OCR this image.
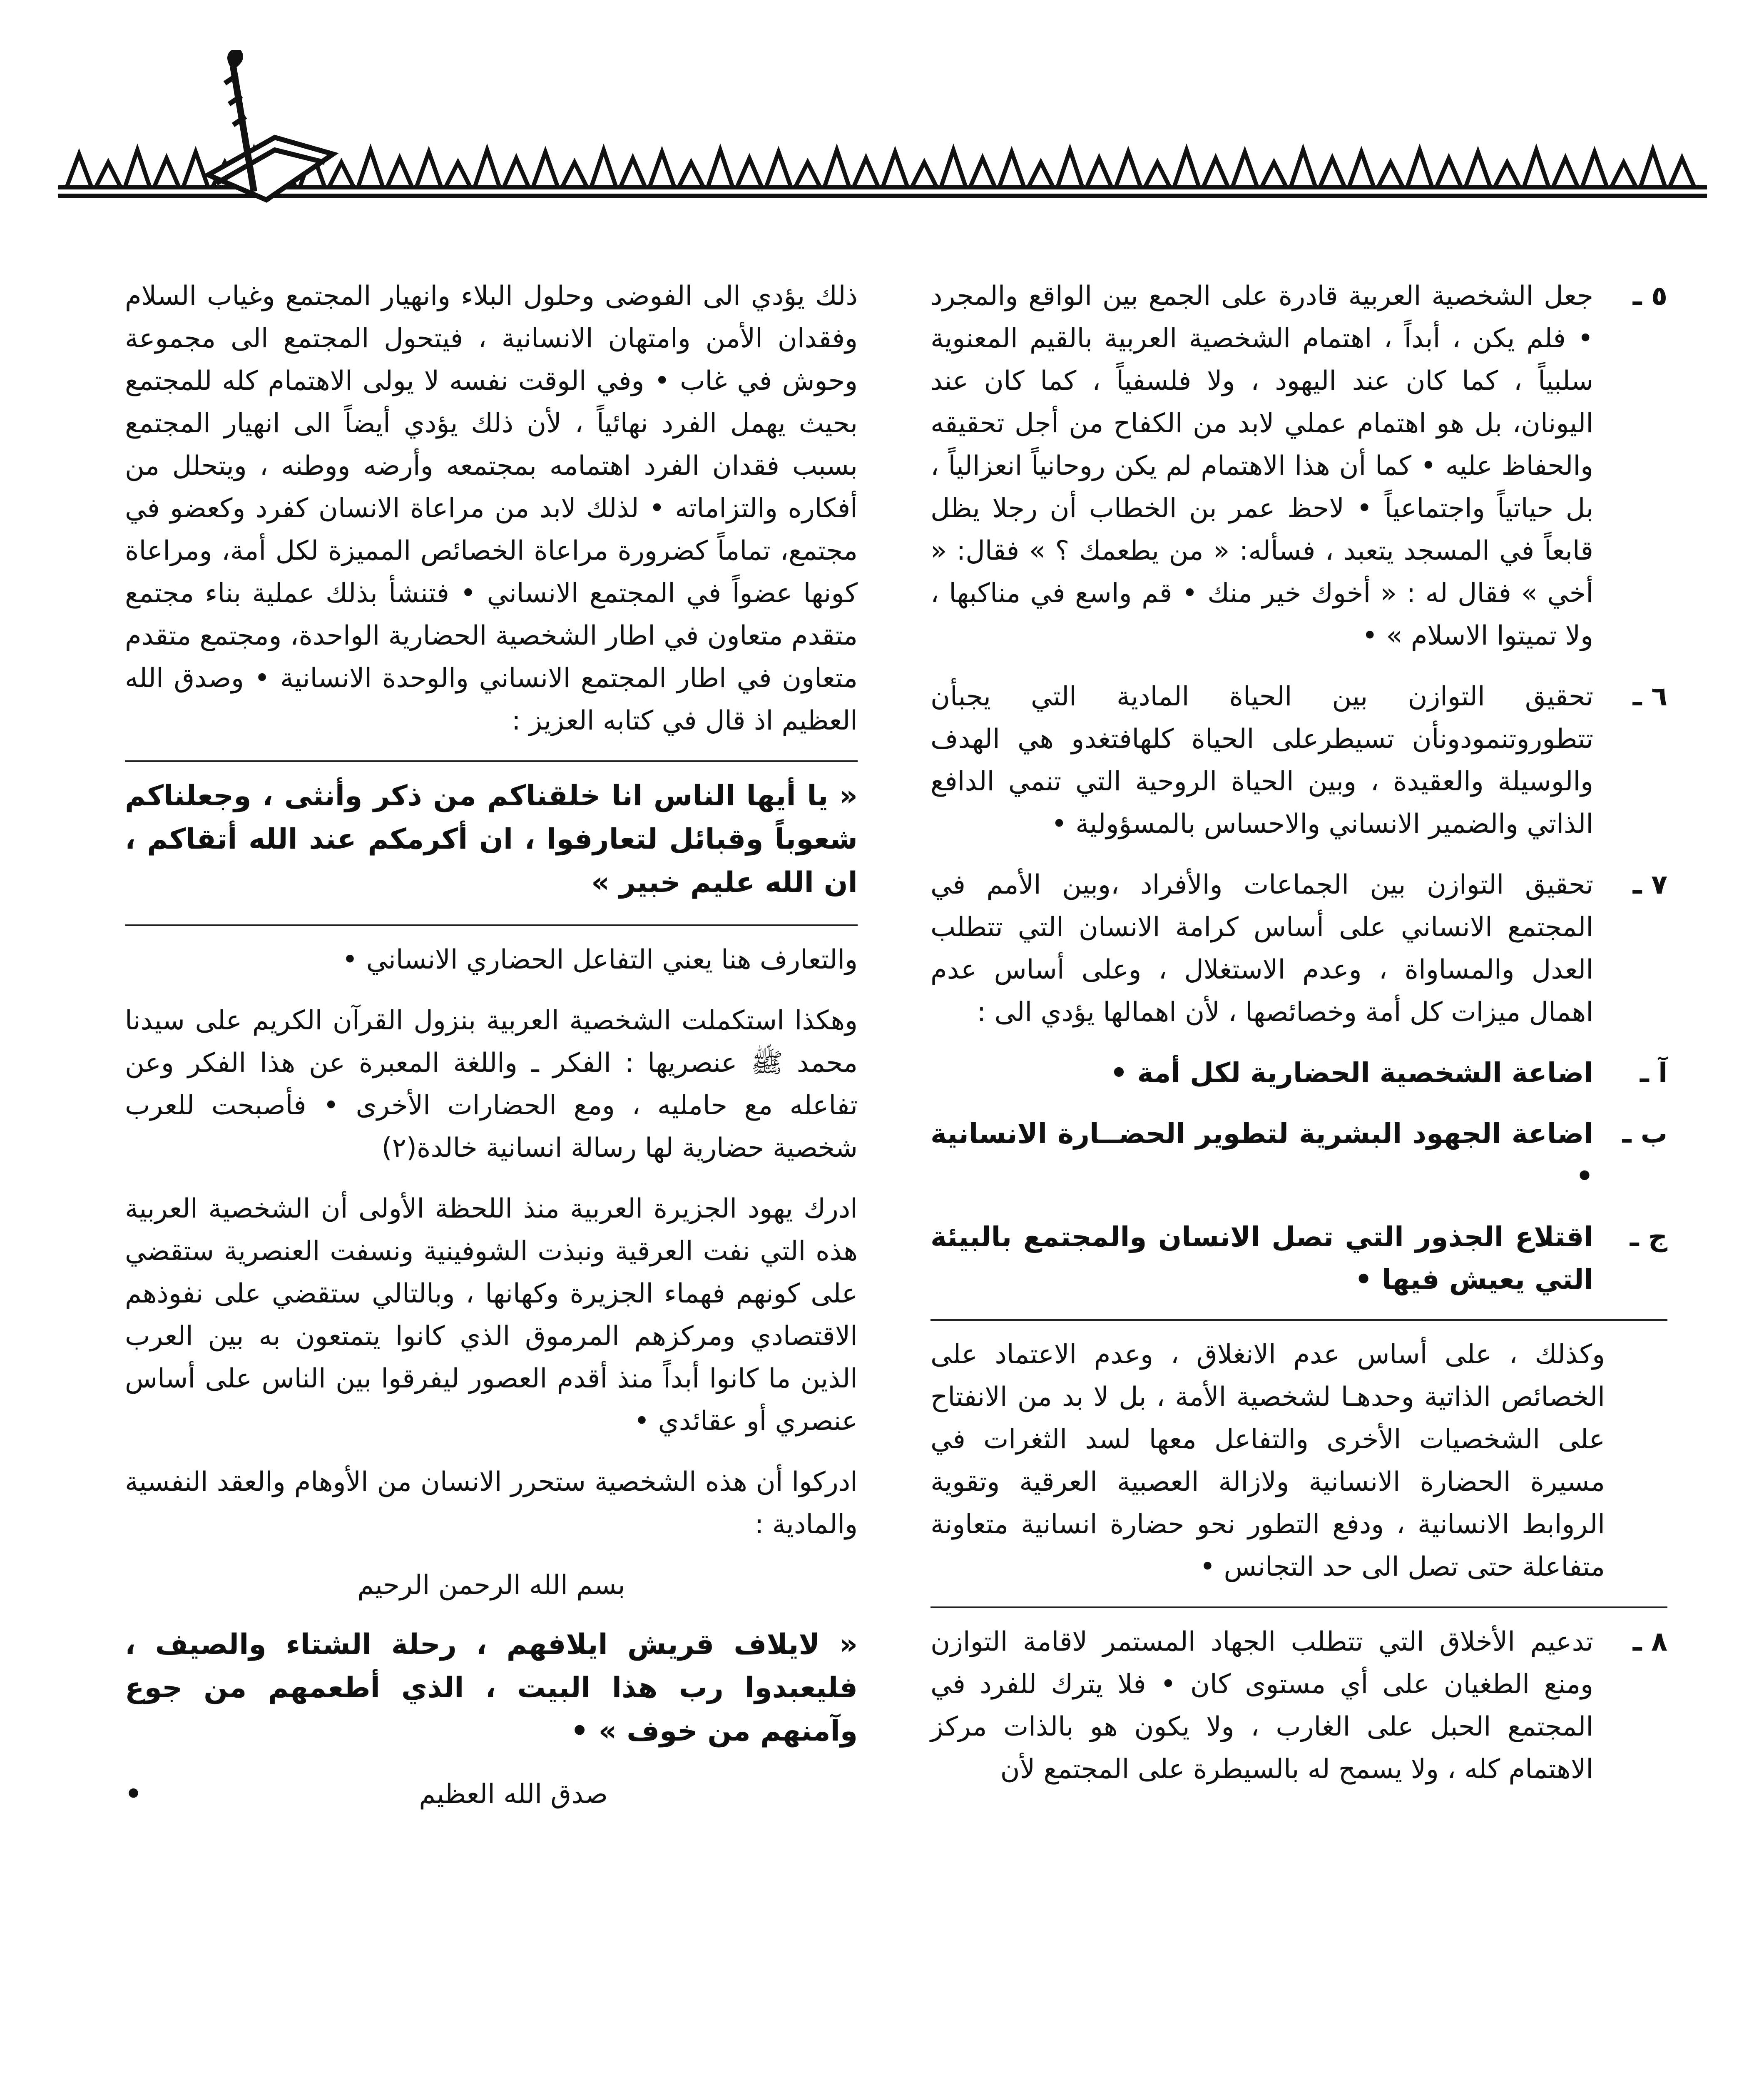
٥ ـ
جعل الشخصية العربية قادرة على الجمع بين الواقع والمجرد • فلم يكن ، أبداً ، اهتمام الشخصية العربية بالقيم المعنوية سلبياً ، كما كان عند اليهود ، ولا فلسفياً ، كما كان عند اليونان، بل هو اهتمام عملي لابد من الكفاح من أجل تحقيقه والحفاظ عليه • كما أن هذا الاهتمام لم يكن روحانياً انعزالياً ، بل حياتياً واجتماعياً • لاحظ عمر بن الخطاب أن رجلا يظل قابعاً في المسجد يتعبد ، فسأله: « من يطعمك ؟ » فقال: « أخي » فقال له : « أخوك خير منك • قم واسع في مناكبها ، ولا تميتوا الاسلام » •
٦ ـ
تحقيق التوازن بين الحياة المادية التي يجبأن تتطوروتنمودونأن تسيطرعلى الحياة كلهافتغدو هي الهدف والوسيلة والعقيدة ، وبين الحياة الروحية التي تنمي الدافع الذاتي والضمير الانساني والاحساس بالمسؤولية •
٧ ـ
تحقيق التوازن بين الجماعات والأفراد ،وبين الأمم في المجتمع الانساني على أساس كرامة الانسان التي تتطلب العدل والمساواة ، وعدم الاستغلال ، وعلى أساس عدم اهمال ميزات كل أمة وخصائصها ، لأن اهمالها يؤدي الى :
آ ـ
اضاعة الشخصية الحضارية لكل أمة •
ب ـ
اضاعة الجهود البشرية لتطوير الحضــارة الانسانية •
ج ـ
اقتلاع الجذور التي تصل الانسان والمجتمع بالبيئة التي يعيش فيها •

وكذلك ، على أساس عدم الانغلاق ، وعدم الاعتماد على الخصائص الذاتية وحدهـا لشخصية الأمة ، بل لا بد من الانفتاح على الشخصيات الأخرى والتفاعل معها لسد الثغرات في مسيرة الحضارة الانسانية ولازالة العصبية العرقية وتقوية الروابط الانسانية ، ودفع التطور نحو حضارة انسانية متعاونة متفاعلة حتى تصل الى حد التجانس •

٨ ـ
تدعيم الأخلاق التي تتطلب الجهاد المستمر لاقامة التوازن ومنع الطغيان على أي مستوى كان • فلا يترك للفرد في المجتمع الحبل على الغارب ، ولا يكون هو بالذات مركز الاهتمام كله ، ولا يسمح له بالسيطرة على المجتمع لأن

ذلك يؤدي الى الفوضى وحلول البلاء وانهيار المجتمع وغياب السلام وفقدان الأمن وامتهان الانسانية ، فيتحول المجتمع الى مجموعة وحوش في غاب • وفي الوقت نفسه لا يولى الاهتمام كله للمجتمع بحيث يهمل الفرد نهائياً ، لأن ذلك يؤدي أيضاً الى انهيار المجتمع بسبب فقدان الفرد اهتمامه بمجتمعه وأرضه ووطنه ، ويتحلل من أفكاره والتزاماته • لذلك لابد من مراعاة الانسان كفرد وكعضو في مجتمع، تماماً كضرورة مراعاة الخصائص المميزة لكل أمة، ومراعاة كونها عضواً في المجتمع الانساني • فتنشأ بذلك عملية بناء مجتمع متقدم متعاون في اطار الشخصية الحضارية الواحدة، ومجتمع متقدم متعاون في اطار المجتمع الانساني والوحدة الانسانية • وصدق الله العظيم اذ قال في كتابه العزيز :

« يا أيها الناس انا خلقناكم من ذكر وأنثى ، وجعلناكم شعوباً وقبائل لتعارفوا ، ان أكرمكم عند الله أتقاكم ، ان الله عليم خبير »

والتعارف هنا يعني التفاعل الحضاري الانساني •

وهكذا استكملت الشخصية العربية بنزول القرآن الكريم على سيدنا محمد ﷺ عنصريها : الفكر ـ واللغة المعبرة عن هذا الفكر وعن تفاعله مع حامليه ، ومع الحضارات الأخرى • فأصبحت للعرب شخصية حضارية لها رسالة انسانية خالدة(٢)

ادرك يهود الجزيرة العربية منذ اللحظة الأولى أن الشخصية العربية هذه التي نفت العرقية ونبذت الشوفينية ونسفت العنصرية ستقضي على كونهم فهماء الجزيرة وكهانها ، وبالتالي ستقضي على نفوذهم الاقتصادي ومركزهم المرموق الذي كانوا يتمتعون به بين العرب الذين ما كانوا أبداً منذ أقدم العصور ليفرقوا بين الناس على أساس عنصري أو عقائدي •

ادركوا أن هذه الشخصية ستحرر الانسان من الأوهام والعقد النفسية والمادية :

بسم الله الرحمن الرحيم

« لايلاف قريش ايلافهم ، رحلة الشتاء والصيف ، فليعبدوا رب هذا البيت ، الذي أطعمهم من جوع وآمنهم من خوف » •

صدق الله العظيم
•
